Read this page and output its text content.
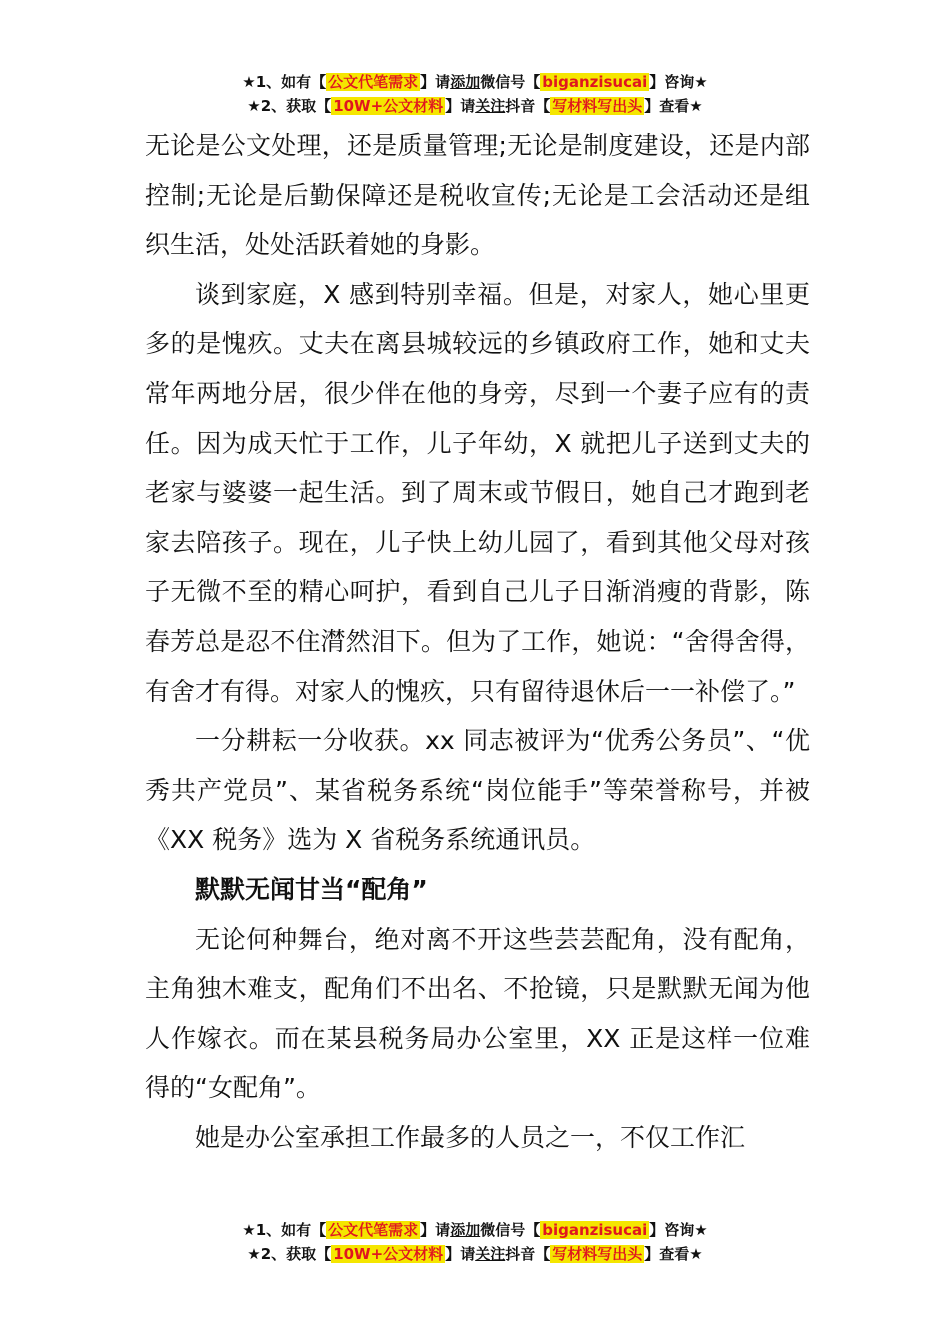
★1、如有【 公文代笔需求 】请添加微信号【 biganzisucai 】咨询★
★2、获取【 10W+公文材料 】请关注抖音【 写材料写出头 】查看★

无论是公文处理，还是质量管理;无论是制度建设，还是内部控制;无论是后勤保障还是税收宣传;无论是工会活动还是组织生活，处处活跃着她的身影。

谈到家庭，X 感到特别幸福。但是，对家人，她心里更多的是愧疚。丈夫在离县城较远的乡镇政府工作，她和丈夫常年两地分居，很少伴在他的身旁，尽到一个妻子应有的责任。因为成天忙于工作，儿子年幼，X 就把儿子送到丈夫的老家与婆婆一起生活。到了周末或节假日，她自己才跑到老家去陪孩子。现在，儿子快上幼儿园了，看到其他父母对孩子无微不至的精心呵护，看到自己儿子日渐消瘦的背影，陈春芳总是忍不住潸然泪下。但为了工作，她说：“舍得舍得，有舍才有得。对家人的愧疚，只有留待退休后一一补偿了。”

一分耕耘一分收获。xx 同志被评为“优秀公务员”、“优秀共产党员”、某省税务系统“岗位能手”等荣誉称号，并被《XX 税务》选为 X 省税务系统通讯员。

默默无闻甘当“配角”

无论何种舞台，绝对离不开这些芸芸配角，没有配角，主角独木难支，配角们不出名、不抢镜，只是默默无闻为他人作嫁衣。而在某县税务局办公室里，XX 正是这样一位难得的“女配角”。

她是办公室承担工作最多的人员之一，不仅工作汇

★1、如有【 公文代笔需求 】请添加微信号【 biganzisucai 】咨询★
★2、获取【 10W+公文材料 】请关注抖音【 写材料写出头 】查看★
